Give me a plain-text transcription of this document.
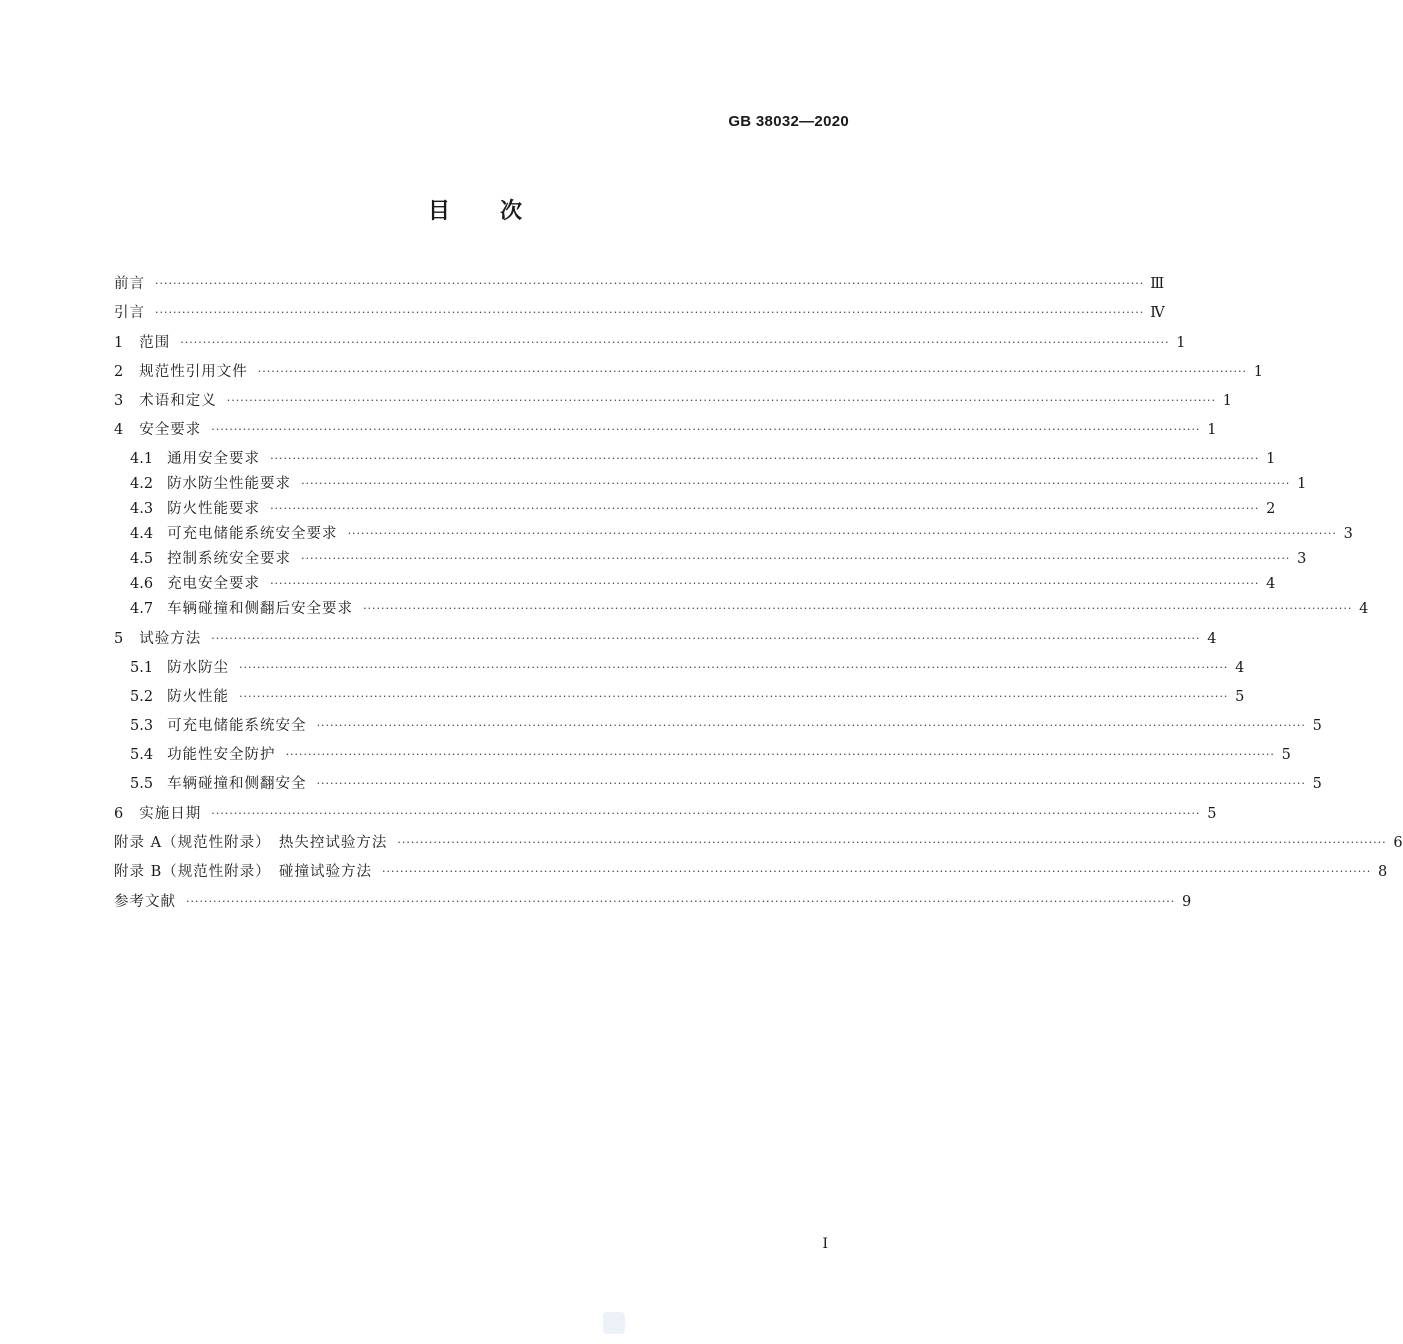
GB 38032—2020
目 次
前言 ···························································································································································································································· Ⅲ
引言 ···························································································································································································································· Ⅳ
1 范围 ···························································································································································································································· 1
2 规范性引用文件 ···························································································································································································································· 1
3 术语和定义 ···························································································································································································································· 1
4 安全要求 ···························································································································································································································· 1
4.1 通用安全要求 ···························································································································································································································· 1
4.2 防水防尘性能要求 ···························································································································································································································· 1
4.3 防火性能要求 ···························································································································································································································· 2
4.4 可充电储能系统安全要求 ···························································································································································································································· 3
4.5 控制系统安全要求 ···························································································································································································································· 3
4.6 充电安全要求 ···························································································································································································································· 4
4.7 车辆碰撞和侧翻后安全要求 ···························································································································································································································· 4
5 试验方法 ···························································································································································································································· 4
5.1 防水防尘 ···························································································································································································································· 4
5.2 防火性能 ···························································································································································································································· 5
5.3 可充电储能系统安全 ···························································································································································································································· 5
5.4 功能性安全防护 ···························································································································································································································· 5
5.5 车辆碰撞和侧翻安全 ···························································································································································································································· 5
6 实施日期 ···························································································································································································································· 5
附录 A（规范性附录）　热失控试验方法 ···························································································································································································································· 6
附录 B（规范性附录）　碰撞试验方法 ···························································································································································································································· 8
参考文献 ···························································································································································································································· 9
I
